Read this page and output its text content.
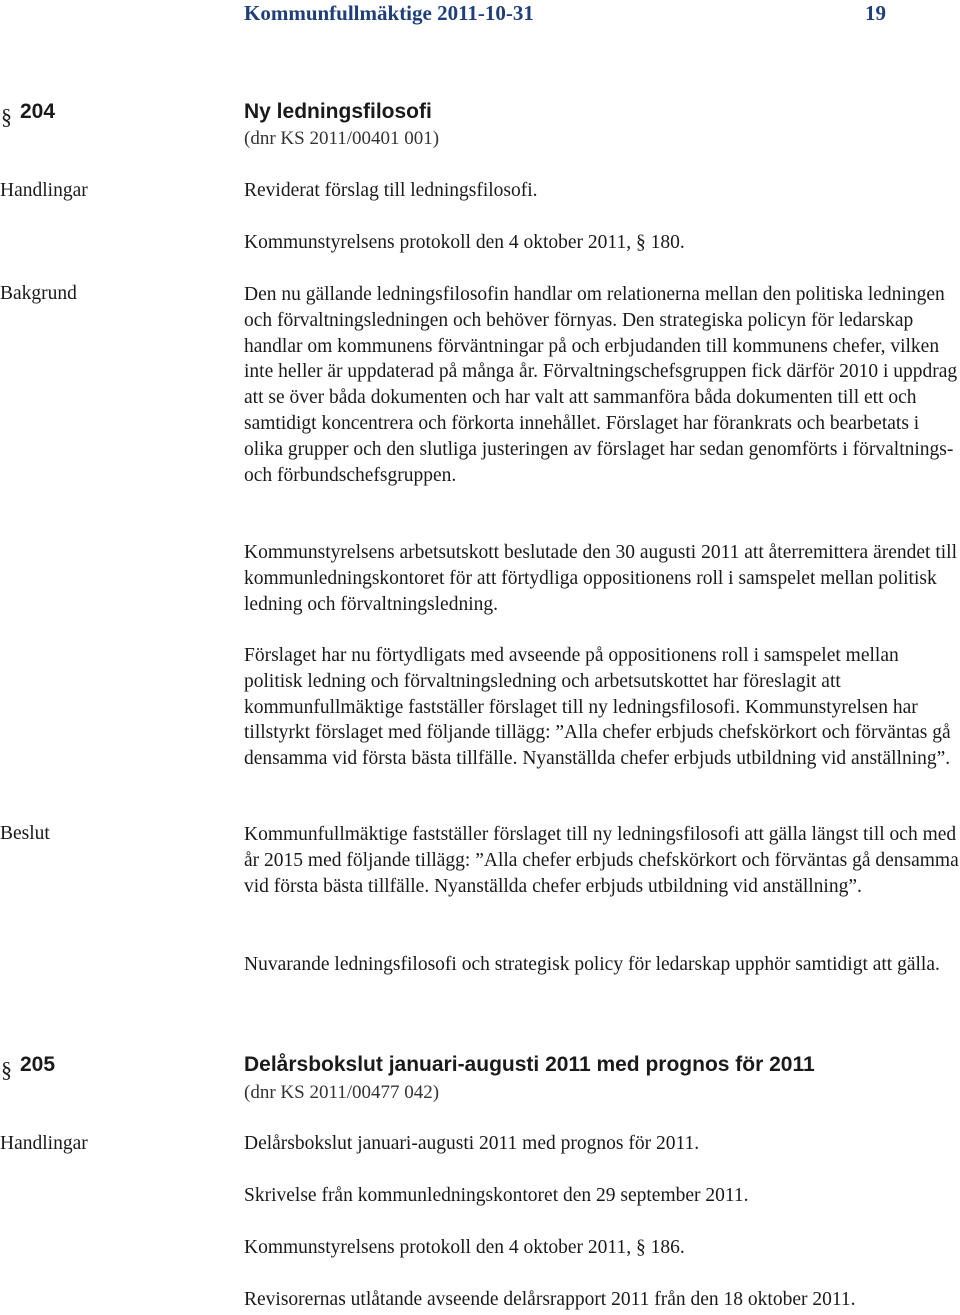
Kommunfullmäktige 2011-10-31	19
§ 204	Ny ledningsfilosofi
(dnr KS 2011/00401 001)
Handlingar	Reviderat förslag till ledningsfilosofi.
Kommunstyrelsens protokoll den 4 oktober 2011, § 180.
Bakgrund	Den nu gällande ledningsfilosofin handlar om relationerna mellan den politiska ledningen och förvaltningsledningen och behöver förnyas. Den strategiska policyn för ledarskap handlar om kommunens förväntningar på och erbjudanden till kommunens chefer, vilken inte heller är uppdaterad på många år. Förvaltningschefsgruppen fick därför 2010 i uppdrag att se över båda dokumenten och har valt att sammanföra båda dokumenten till ett och samtidigt koncentrera och förkorta innehållet. Förslaget har förankrats och bearbetats i olika grupper och den slutliga justeringen av förslaget har sedan genomförts i förvaltnings- och förbundschefsgruppen.

Kommunstyrelsens arbetsutskott beslutade den 30 augusti 2011 att återremittera ärendet till kommunledningskontoret för att förtydliga oppositionens roll i samspelet mellan politisk ledning och förvaltningsledning.

Förslaget har nu förtydligats med avseende på oppositionens roll i samspelet mellan politisk ledning och förvaltningsledning och arbetsutskottet har föreslagit att kommunfullmäktige fastställer förslaget till ny ledningsfilosofi. Kommunstyrelsen har tillstyrkt förslaget med följande tillägg: ”Alla chefer erbjuds chefskörkort och förväntas gå densamma vid första bästa tillfälle. Nyanställda chefer erbjuds utbildning vid anställning”.

Beslut	Kommunfullmäktige fastställer förslaget till ny ledningsfilosofi att gälla längst till och med år 2015 med följande tillägg: ”Alla chefer erbjuds chefskörkort och förväntas gå densamma vid första bästa tillfälle. Nyanställda chefer erbjuds utbildning vid anställning”.

Nuvarande ledningsfilosofi och strategisk policy för ledarskap upphör samtidigt att gälla.

§ 205	Delårsbokslut januari-augusti 2011 med prognos för 2011
(dnr KS 2011/00477 042)
Handlingar	Delårsbokslut januari-augusti 2011 med prognos för 2011.
Skrivelse från kommunledningskontoret den 29 september 2011.
Kommunstyrelsens protokoll den 4 oktober 2011, § 186.
Revisorernas utlåtande avseende delårsrapport 2011 från den 18 oktober 2011.
